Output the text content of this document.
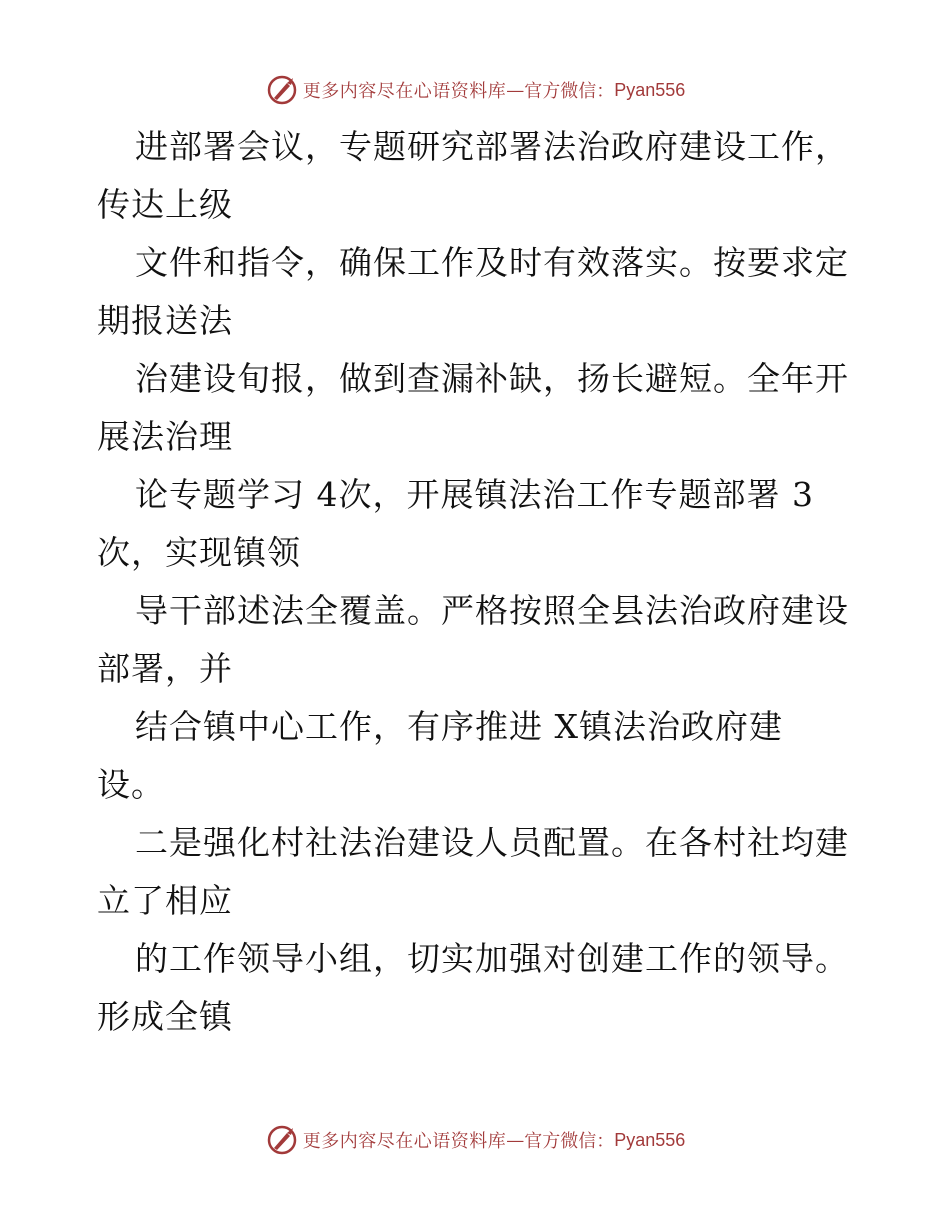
更多内容尽在心语资料库 — 官方微信： Pyan556
进部署会议，专题研究部署法治政府建设工作，
传达上级
文件和指令，确保工作及时有效落实。按要求定
期报送法
治建设旬报，做到查漏补缺，扬长避短。全年开
展法治理
论专题学习 4次，开展镇法治工作专题部署 3
次，实现镇领
导干部述法全覆盖。严格按照全县法治政府建设
部署，并
结合镇中心工作，有序推进 X镇法治政府建
设。
二是强化村社法治建设人员配置。在各村社均建
立了相应
的工作领导小组，切实加强对创建工作的领导。
形成全镇
更多内容尽在心语资料库 — 官方微信： Pyan556
